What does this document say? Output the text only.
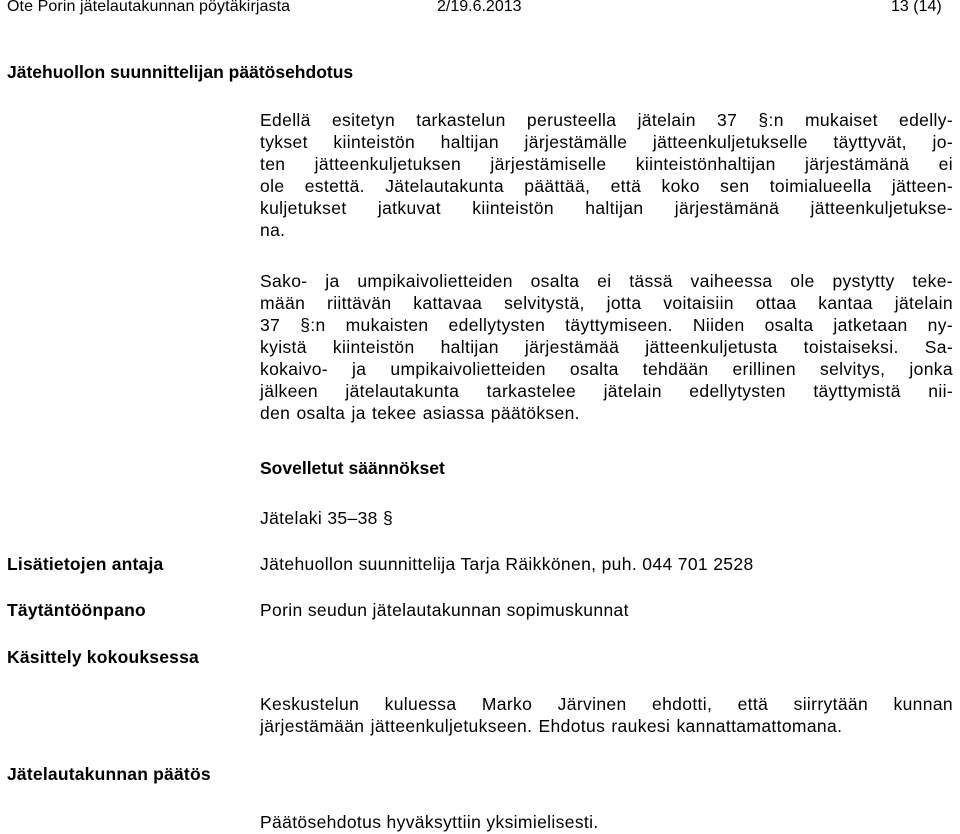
Ote Porin jätelautakunnan pöytäkirjasta	2/19.6.2013	13 (14)
Jätehuollon suunnittelijan päätösehdotus
Edellä esitetyn tarkastelun perusteella jätelain 37 §:n mukaiset edelly-
tykset kiinteistön haltijan järjestämälle jätteenkuljetukselle täyttyvät, jo-
ten jätteenkuljetuksen järjestämiselle kiinteistönhaltijan järjestämänä ei
ole estettä. Jätelautakunta päättää, että koko sen toimialueella jätteen-
kuljetukset jatkuvat kiinteistön haltijan järjestämänä jätteenkuljetukse-
na.
Sako- ja umpikaivolietteiden osalta ei tässä vaiheessa ole pystytty teke-
mään riittävän kattavaa selvitystä, jotta voitaisiin ottaa kantaa jätelain
37 §:n mukaisten edellytysten täyttymiseen. Niiden osalta jatketaan ny-
kyistä kiinteistön haltijan järjestämää jätteenkuljetusta toistaiseksi. Sa-
kokaivo- ja umpikaivolietteiden osalta tehdään erillinen selvitys, jonka
jälkeen jätelautakunta tarkastelee jätelain edellytysten täyttymistä nii-
den osalta ja tekee asiassa päätöksen.
Sovelletut säännökset
Jätelaki 35–38 §
Lisätietojen antaja	Jätehuollon suunnittelija Tarja Räikkönen, puh. 044 701 2528
Täytäntöönpano	Porin seudun jätelautakunnan sopimuskunnat
Käsittely kokouksessa
Keskustelun kuluessa Marko Järvinen ehdotti, että siirrytään kunnan
järjestämään jätteenkuljetukseen. Ehdotus raukesi kannattamattomana.
Jätelautakunnan päätös
Päätösehdotus hyväksyttiin yksimielisesti.
